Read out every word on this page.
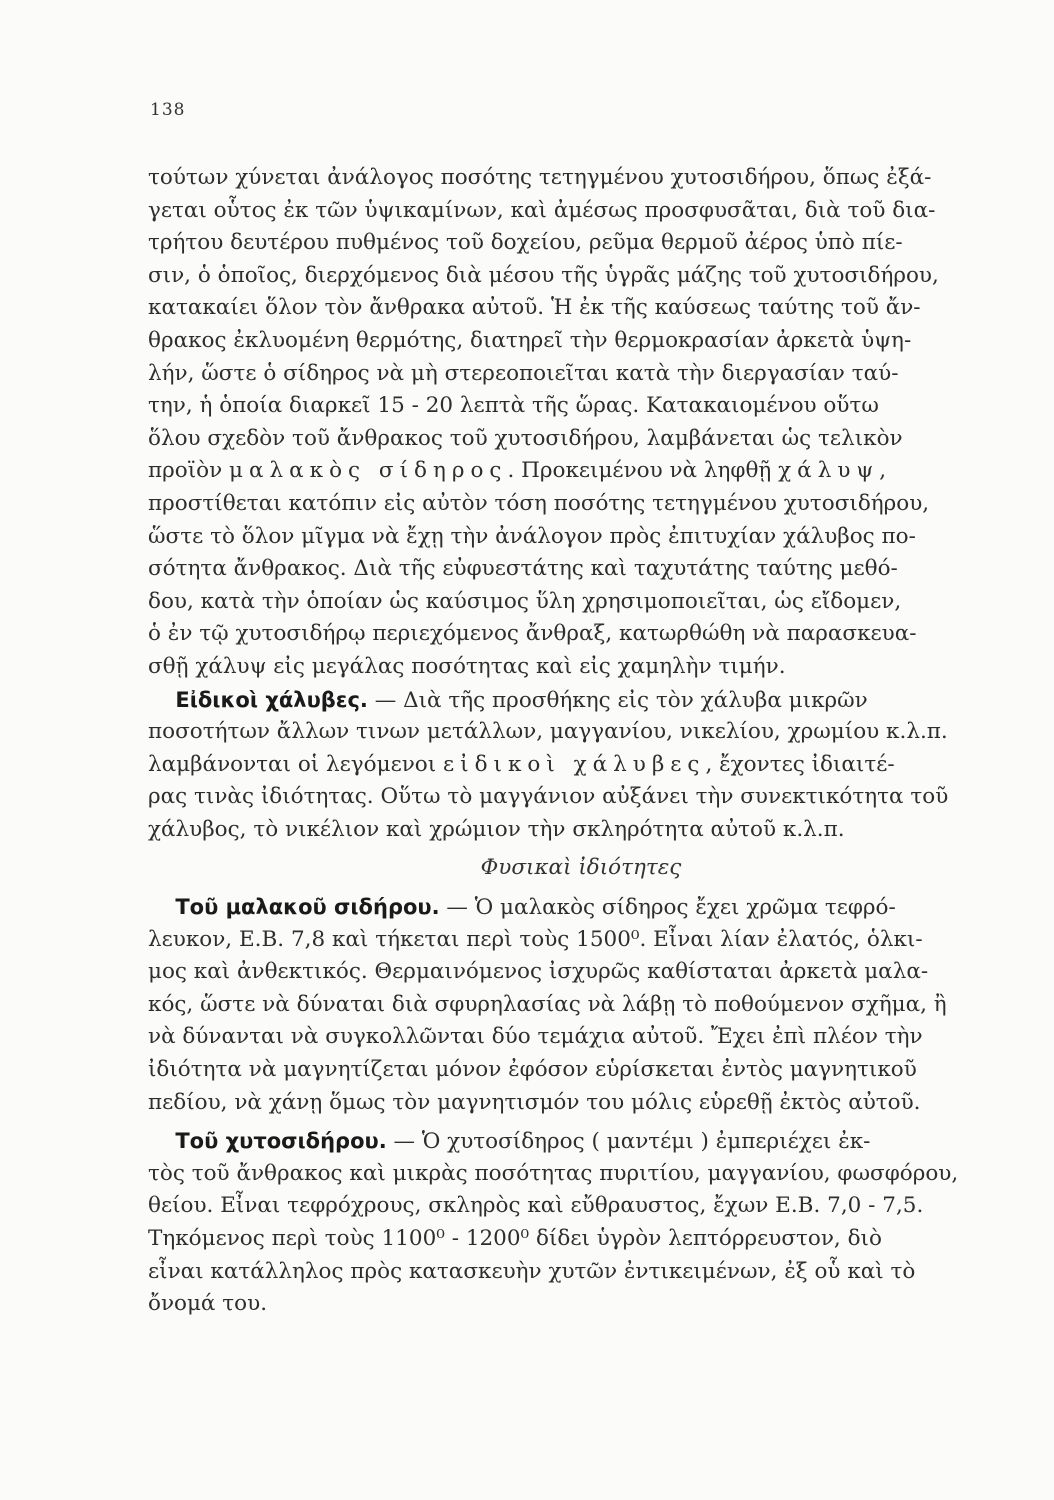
138
τούτων χύνεται ἀνάλογος ποσότης τετηγμένου χυτοσιδήρου, ὅπως ἐξά-
γεται οὗτος ἐκ τῶν ὑψικαμίνων, καὶ ἀμέσως προσφυσᾶται, διὰ τοῦ δια-
τρήτου δευτέρου πυθμένος τοῦ δοχείου, ρεῦμα θερμοῦ ἀέρος ὑπὸ πίε-
σιν, ὁ ὁποῖος, διερχόμενος διὰ μέσου τῆς ὑγρᾶς μάζης τοῦ χυτοσιδήρου,
κατακαίει ὅλον τὸν ἄνθρακα αὐτοῦ. Ἡ ἐκ τῆς καύσεως ταύτης τοῦ ἄν-
θρακος ἐκλυομένη θερμότης, διατηρεῖ τὴν θερμοκρασίαν ἀρκετὰ ὑψη-
λήν, ὥστε ὁ σίδηρος νὰ μὴ στερεοποιεῖται κατὰ τὴν διεργασίαν ταύ-
την, ἡ ὁποία διαρκεῖ 15 - 20 λεπτὰ τῆς ὥρας. Κατακαιομένου οὕτω
ὅλου σχεδὸν τοῦ ἄνθρακος τοῦ χυτοσιδήρου, λαμβάνεται ὡς τελικὸν
προϊὸν μαλακὸς σίδηρος. Προκειμένου νὰ ληφθῇ χάλυψ,
προστίθεται κατόπιν εἰς αὐτὸν τόση ποσότης τετηγμένου χυτοσιδήρου,
ὥστε τὸ ὅλον μῖγμα νὰ ἔχῃ τὴν ἀνάλογον πρὸς ἐπιτυχίαν χάλυβος πο-
σότητα ἄνθρακος. Διὰ τῆς εὐφυεστάτης καὶ ταχυτάτης ταύτης μεθό-
δου, κατὰ τὴν ὁποίαν ὡς καύσιμος ὕλη χρησιμοποιεῖται, ὡς εἴδομεν,
ὁ ἐν τῷ χυτοσιδήρῳ περιεχόμενος ἄνθραξ, κατωρθώθη νὰ παρασκευα-
σθῇ χάλυψ εἰς μεγάλας ποσότητας καὶ εἰς χαμηλὴν τιμήν.
Εἰδικοὶ χάλυβες. — Διὰ τῆς προσθήκης εἰς τὸν χάλυβα μικρῶν
ποσοτήτων ἄλλων τινων μετάλλων, μαγγανίου, νικελίου, χρωμίου κ.λ.π.
λαμβάνονται οἱ λεγόμενοι εἰδικοὶ χάλυβες, ἔχοντες ἰδιαιτέ-
ρας τινὰς ἰδιότητας. Οὕτω τὸ μαγγάνιον αὐξάνει τὴν συνεκτικότητα τοῦ
χάλυβος, τὸ νικέλιον καὶ χρώμιον τὴν σκληρότητα αὐτοῦ κ.λ.π.
Φυσικαὶ ἰδιότητες
Τοῦ μαλακοῦ σιδήρου. — Ὁ μαλακὸς σίδηρος ἔχει χρῶμα τεφρό-
λευκον, Ε.Β. 7,8 καὶ τήκεται περὶ τοὺς 1500⁰. Εἶναι λίαν ἐλατός, ὁλκι-
μος καὶ ἀνθεκτικός. Θερμαινόμενος ἰσχυρῶς καθίσταται ἀρκετὰ μαλα-
κός, ὥστε νὰ δύναται διὰ σφυρηλασίας νὰ λάβῃ τὸ ποθούμενον σχῆμα, ἢ
νὰ δύνανται νὰ συγκολλῶνται δύο τεμάχια αὐτοῦ. Ἔχει ἐπὶ πλέον τὴν
ἰδιότητα νὰ μαγνητίζεται μόνον ἐφόσον εὑρίσκεται ἐντὸς μαγνητικοῦ
πεδίου, νὰ χάνῃ ὅμως τὸν μαγνητισμόν του μόλις εὑρεθῇ ἐκτὸς αὐτοῦ.
Τοῦ χυτοσιδήρου. — Ὁ χυτοσίδηρος ( μαντέμι ) ἐμπεριέχει ἐκ-
τὸς τοῦ ἄνθρακος καὶ μικρὰς ποσότητας πυριτίου, μαγγανίου, φωσφόρου,
θείου. Εἶναι τεφρόχρους, σκληρὸς καὶ εὔθραυστος, ἔχων Ε.Β. 7,0 - 7,5.
Τηκόμενος περὶ τοὺς 1100⁰ - 1200⁰ δίδει ὑγρὸν λεπτόρρευστον, διὸ
εἶναι κατάλληλος πρὸς κατασκευὴν χυτῶν ἐντικειμένων, ἐξ οὗ καὶ τὸ
ὄνομά του.
